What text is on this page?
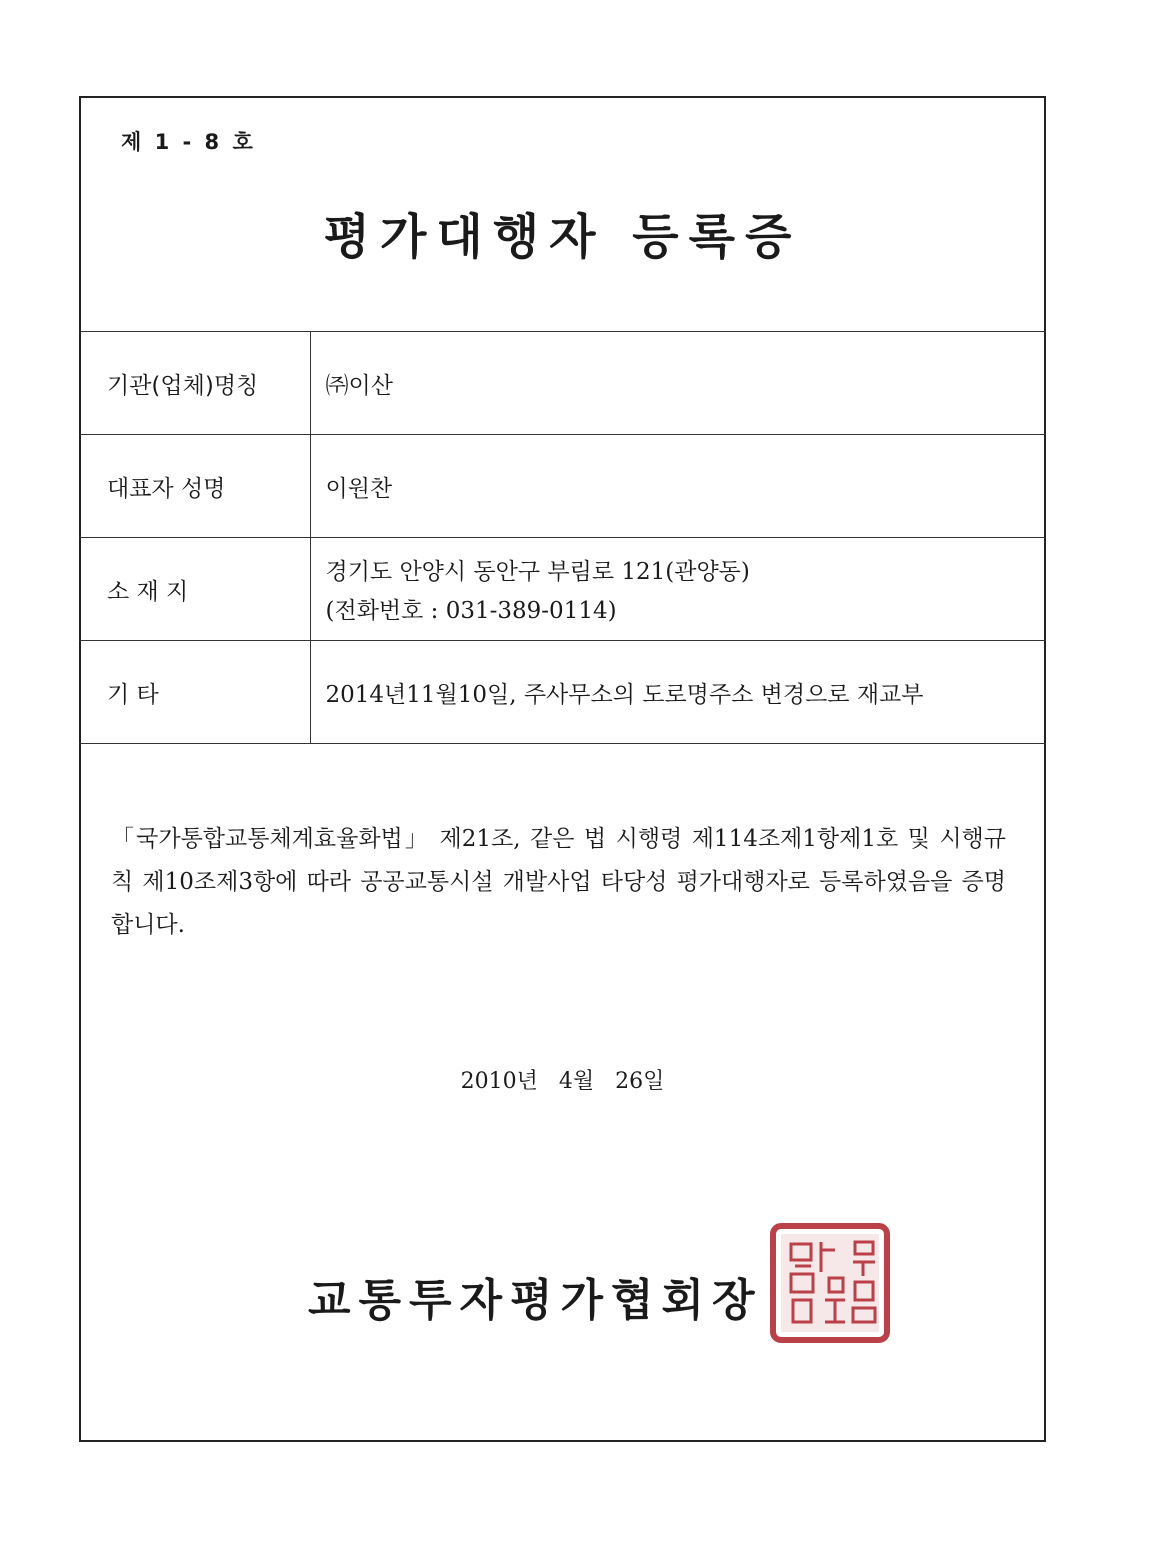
제 1 - 8 호
평가대행자 등록증
기관(업체)명칭	㈜이산
대표자 성명	이원찬
소 재 지	경기도 안양시 동안구 부림로 121(관양동)
(전화번호 : 031-389-0114)

기 타	2014년11월10일, 주사무소의 도로명주소 변경으로 재교부
「국가통합교통체계효율화법」 제21조, 같은 법 시행령 제114조제1항제1호 및 시행규칙 제10조제3항에 따라 공공교통시설 개발사업 타당성 평가대행자로 등록하였음을 증명합니다.
2010년 4월 26일
교통투자평가협회장
